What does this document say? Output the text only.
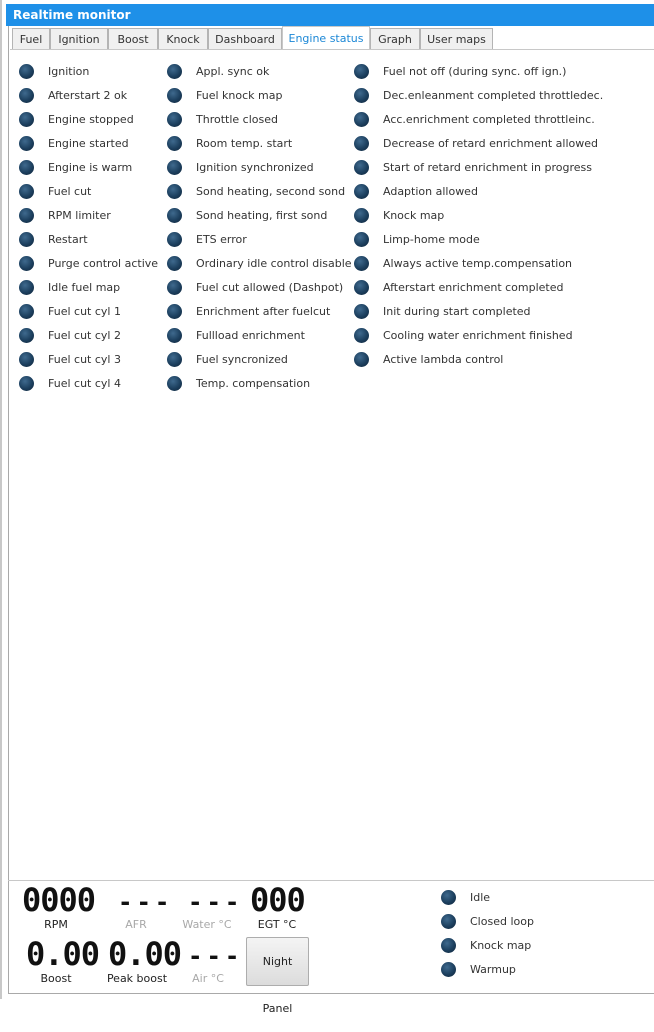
Realtime monitor
Fuel	Ignition	Boost	Knock	Dashboard	Engine status	Graph	User maps
Ignition
Afterstart 2 ok
Engine stopped
Engine started
Engine is warm
Fuel cut
RPM limiter
Restart
Purge control active
Idle fuel map
Fuel cut cyl 1
Fuel cut cyl 2
Fuel cut cyl 3
Fuel cut cyl 4
Appl. sync ok
Fuel knock map
Throttle closed
Room temp. start
Ignition synchronized
Sond heating, second sond
Sond heating, first sond
ETS error
Ordinary idle control disable
Fuel cut allowed (Dashpot)
Enrichment after fuelcut
Fullload enrichment
Fuel syncronized
Temp. compensation
Fuel not off (during sync. off ign.)
Dec.enleanment completed throttledec.
Acc.enrichment completed throttleinc.
Decrease of retard enrichment allowed
Start of retard enrichment in progress
Adaption allowed
Knock map
Limp-home mode
Always active temp.compensation
Afterstart enrichment completed
Init during start completed
Cooling water enrichment finished
Active lambda control
0000
RPM
---
AFR
---
Water °C
000
EGT °C
0.00
Boost
0.00
Peak boost
---
Air °C
Night Panel
Idle
Closed loop
Knock map
Warmup
